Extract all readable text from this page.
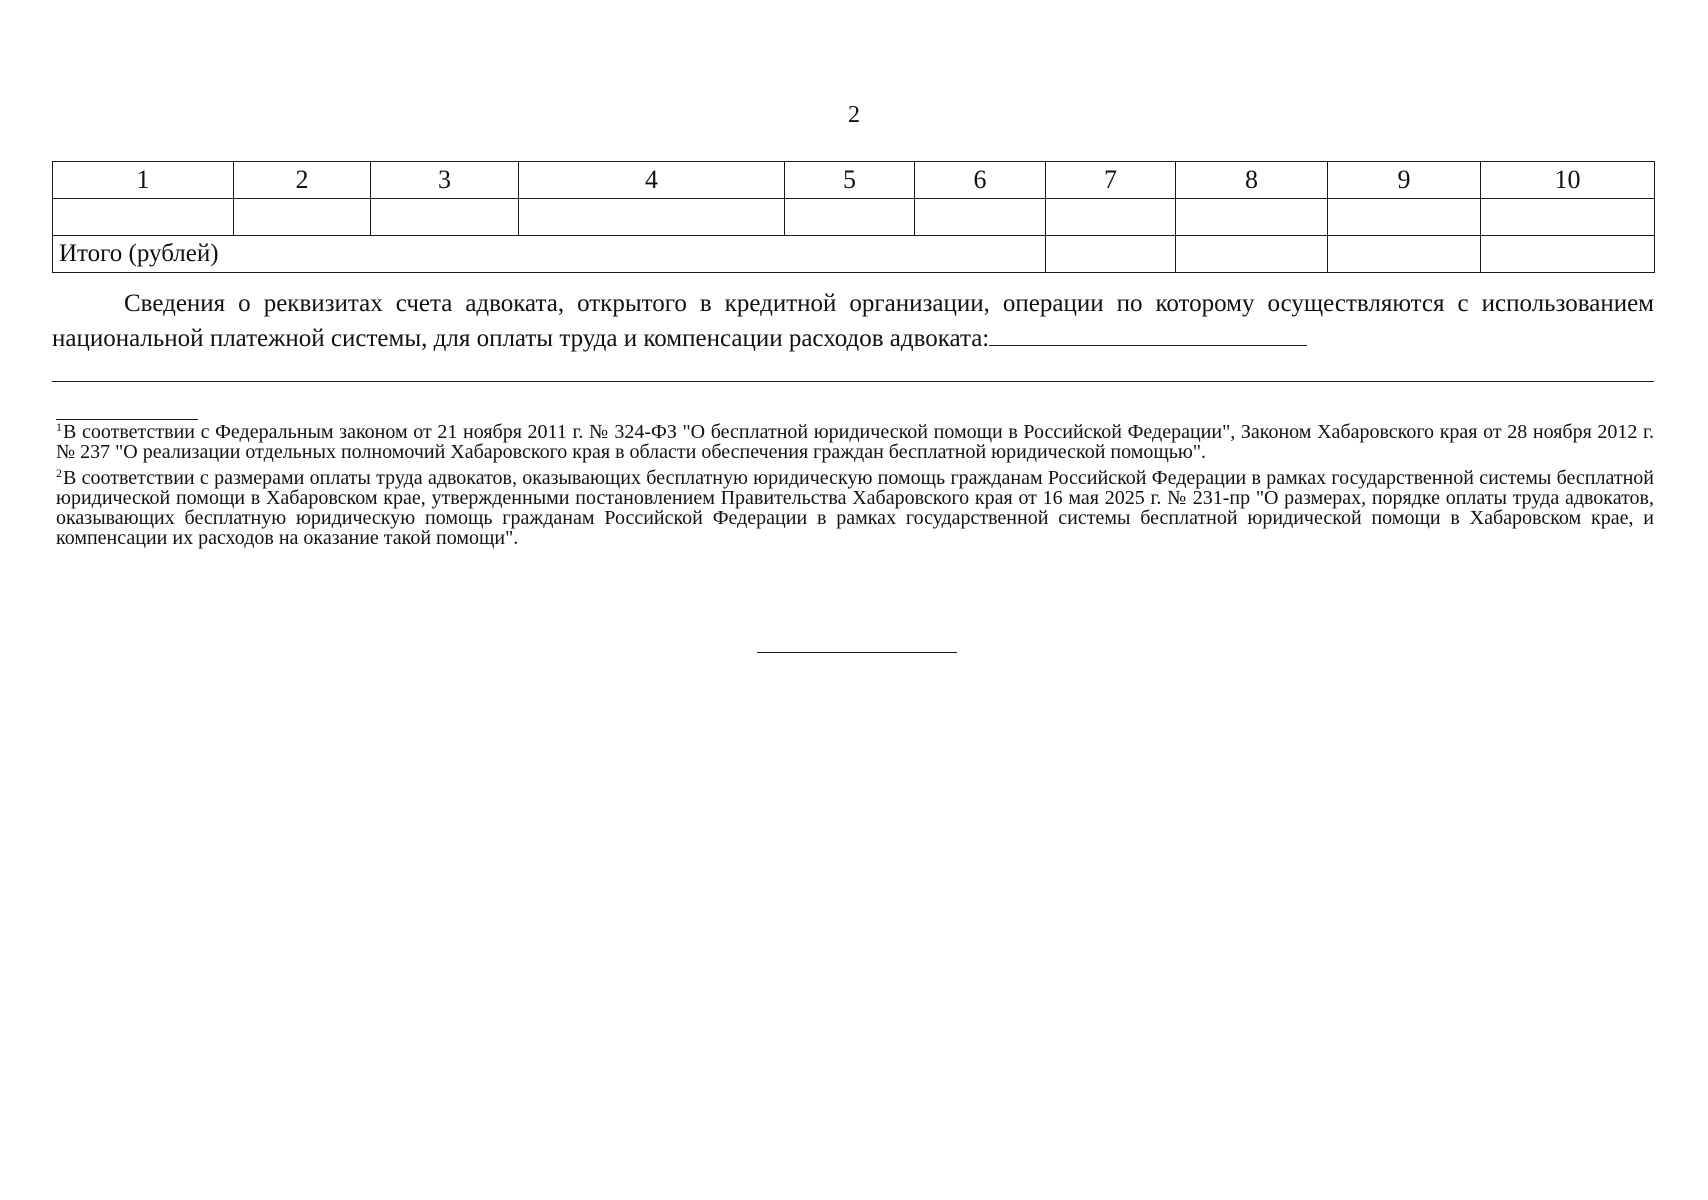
2
1	2	3	4	5	6	7	8	9	10

Итого (рублей)									
Сведения о реквизитах счета адвоката, открытого в кредитной организации, операции по которому осуществляются с использованием национальной платежной системы, для оплаты труда и компенсации расходов адвоката:

$^1$В соответствии с Федеральным законом от 21 ноября 2011 г. № 324-ФЗ "О бесплатной юридической помощи в Российской Федерации", Законом Хабаровского края от 28 ноября 2012 г. № 237 "О реализации отдельных полномочий Хабаровского края в области обеспечения граждан бесплатной юридической помощью".

$^2$В соответствии с размерами оплаты труда адвокатов, оказывающих бесплатную юридическую помощь гражданам Российской Федерации в рамках государственной системы бесплатной юридической помощи в Хабаровском крае, утвержденными постановлением Правительства Хабаровского края от 16 мая 2025 г. № 231-пр "О размерах, порядке оплаты труда адвокатов, оказывающих бесплатную юридическую помощь гражданам Российской Федерации в рамках государственной системы бесплатной юридической помощи в Хабаровском крае, и компенсации их расходов на оказание такой помощи".
